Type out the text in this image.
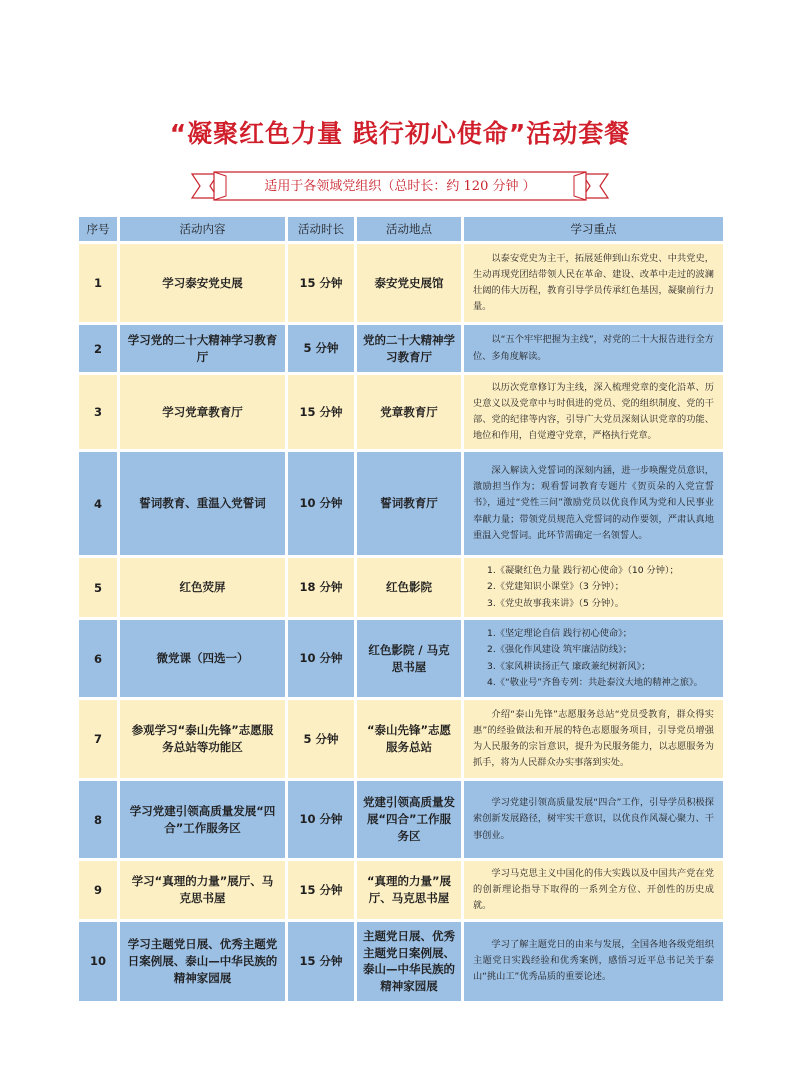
“凝聚红色力量 践行初心使命”活动套餐
适用于各领域党组织（总时长：约 120 分钟 ）
序号	活动内容	活动时长	活动地点	学习重点
1	学习泰安党史展	15 分钟	泰安党史展馆	以泰安党史为主干，拓展延伸到山东党史、中共党史，生动再现党团结带领人民在革命、建设、改革中走过的波澜壮阔的伟大历程，教育引导学员传承红色基因，凝聚前行力量。

2	学习党的二十大精神学习教育厅	5 分钟	党的二十大精神学习教育厅	以“五个牢牢把握为主线”，对党的二十大报告进行全方位、多角度解读。

3	学习党章教育厅	15 分钟	党章教育厅	以历次党章修订为主线，深入梳理党章的变化沿革、历史意义以及党章中与时俱进的党员、党的组织制度、党的干部、党的纪律等内容，引导广大党员深刻认识党章的功能、地位和作用，自觉遵守党章，严格执行党章。

4	誓词教育、重温入党誓词	10 分钟	誓词教育厅	深入解读入党誓词的深刻内涵，进一步唤醒党员意识，激励担当作为；观看誓词教育专题片《贺页朵的入党宣誓书》，通过“党性三问”激励党员以优良作风为党和人民事业奉献力量；带领党员规范入党誓词的动作要领，严肃认真地重温入党誓词。此环节需确定一名领誓人。

5	红色荧屏	18 分钟	红色影院	1.《凝聚红色力量 践行初心使命》（10 分钟）；
2.《党建知识小课堂》（3 分钟）；
3.《党史故事我来讲》（5 分钟）。

6	微党课（四选一）	10 分钟	红色影院 / 马克思书屋	1.《坚定理论自信 践行初心使命》；
2.《强化作风建设 筑牢廉洁防线》；
3.《家风耕读扬正气 廉政兼纪树新风》；
4.《“敬业号”齐鲁专列：共赴泰汶大地的精神之旅》。

7	参观学习“泰山先锋”志愿服务总站等功能区	5 分钟	“泰山先锋”志愿服务总站	介绍“泰山先锋”志愿服务总站“党员受教育，群众得实惠”的经验做法和开展的特色志愿服务项目，引导党员增强为人民服务的宗旨意识，提升为民服务能力，以志愿服务为抓手，将为人民群众办实事落到实处。

8	学习党建引领高质量发展“四合”工作服务区	10 分钟	党建引领高质量发展“四合”工作服务区	学习党建引领高质量发展“四合”工作，引导学员积极探索创新发展路径，树牢实干意识，以优良作风凝心聚力、干事创业。

9	学习“真理的力量”展厅、马克思书屋	15 分钟	“真理的力量”展厅、马克思书屋	学习马克思主义中国化的伟大实践以及中国共产党在党的创新理论指导下取得的一系列全方位、开创性的历史成就。

10	学习主题党日展、优秀主题党日案例展、泰山—中华民族的精神家园展	15 分钟	主题党日展、优秀主题党日案例展、泰山—中华民族的精神家园展	学习了解主题党日的由来与发展，全国各地各级党组织主题党日实践经验和优秀案例，感悟习近平总书记关于泰山“挑山工”优秀品质的重要论述。
